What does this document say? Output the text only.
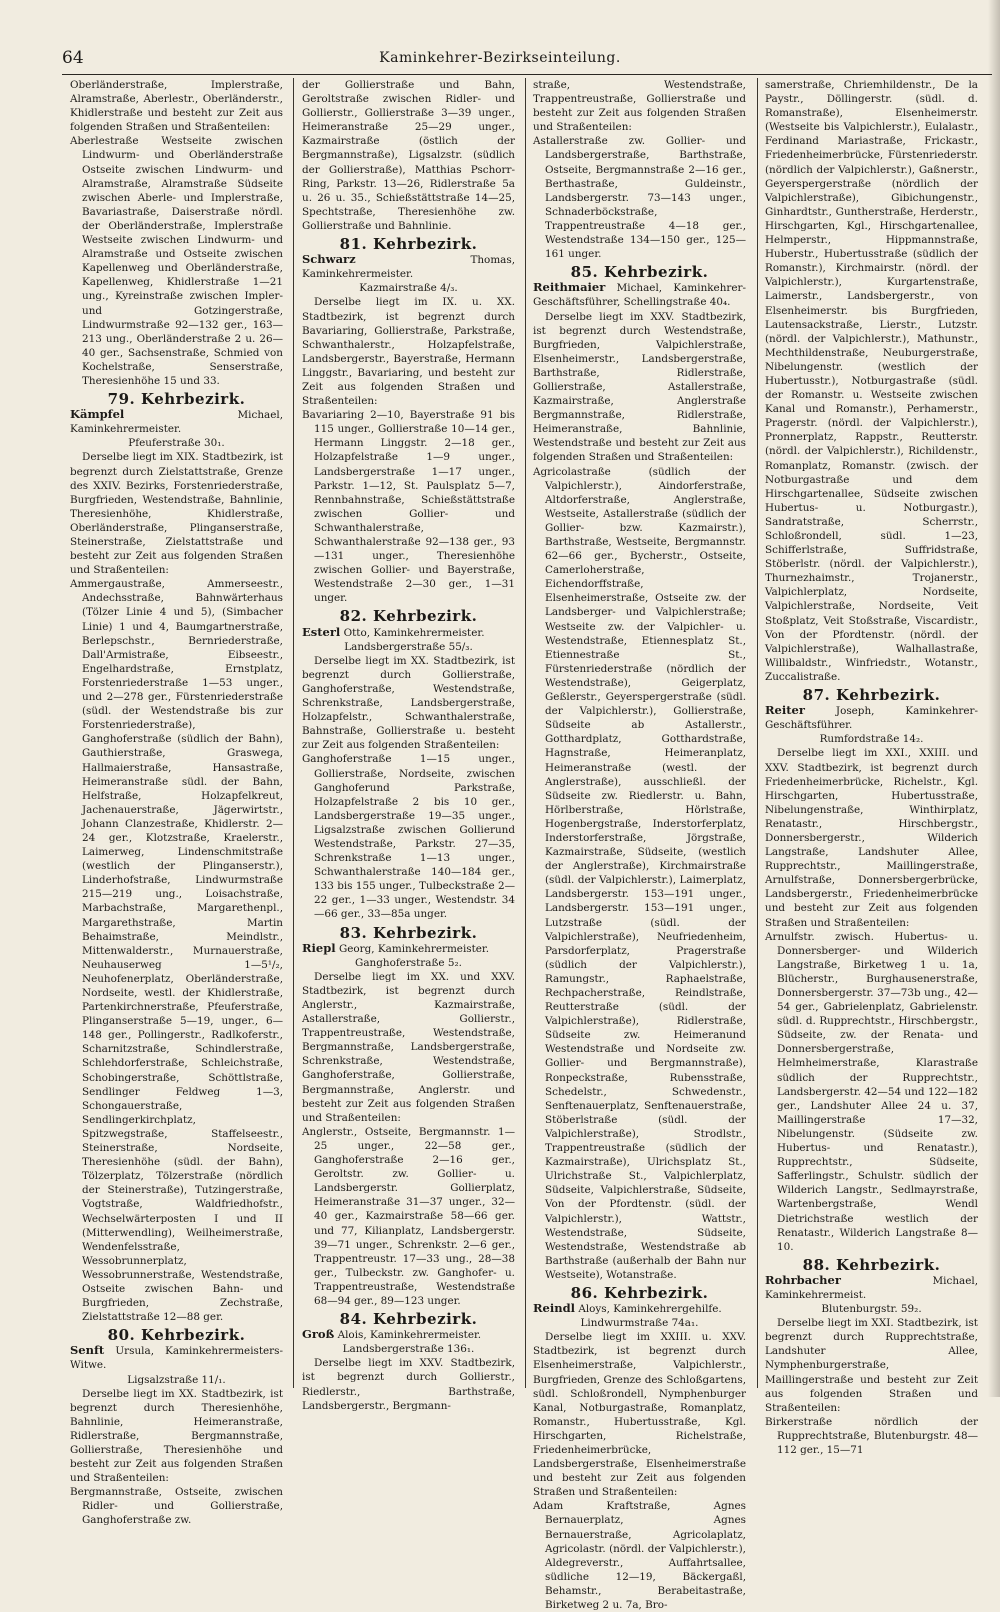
64	Kaminkehrer-Bezirkseinteilung.

Oberländerstraße, Implerstraße, Alramstraße, Aberlestr., Oberländerstr., Khidlerstraße und besteht zur Zeit aus folgenden Straßen und Straßenteilen:

Aberlestraße Westseite zwischen Lindwurm- und Oberländerstraße Ostseite zwischen Lindwurm- und Alramstraße, Alramstraße Südseite zwischen Aberle- und Implerstraße, Bavariastraße, Daiserstraße nördl. der Oberländerstraße, Implerstraße Westseite zwischen Lindwurm- und Alramstraße und Ostseite zwischen Kapellenweg und Oberländerstraße, Kapellenweg, Khidlerstraße 1—21 ung., Kyreinstraße zwischen Impler- und Gotzingerstraße, Lindwurmstraße 92—132 ger., 163—213 ung., Oberländerstraße 2 u. 26—40 ger., Sachsenstraße, Schmied von Kochelstraße, Senserstraße, Theresienhöhe 15 und 33.

79. Kehrbezirk.

Kämpfel	Michael, Kaminkehrermeister.

Pfeuferstraße 30₁.

Derselbe liegt im XIX. Stadtbezirk, ist begrenzt durch Zielstattstraße, Grenze des XXIV. Bezirks, Forstenriederstraße, Burgfrieden, Westendstraße, Bahnlinie, Theresienhöhe, Khidlerstraße, Oberländerstraße, Plinganserstraße, Steinerstraße, Zielstattstraße und besteht zur Zeit aus folgenden Straßen und Straßenteilen:

Ammergaustraße, Ammerseestr., Andechsstraße, Bahnwärterhaus (Tölzer Linie 4 und 5), (Simbacher Linie) 1 und 4, Baumgartnerstraße, Berlepschstr., Bernriederstraße, Dall'Armistraße, Eibseestr., Engelhardstraße, Ernstplatz, Forstenriederstraße 1—53 unger., und 2—278 ger., Fürstenriederstraße (südl. der Westendstraße bis zur Forstenriederstraße), Ganghoferstraße (südlich der Bahn), Gauthierstraße, Graswega, Hallmaierstraße, Hansastraße, Heimeranstraße südl. der Bahn, Helfstraße, Holzapfelkreut, Jachenauerstraße, Jägerwirtstr., Johann Clanzestraße, Khidlerstr. 2—24 ger., Klotzstraße, Kraelerstr., Laimerweg, Lindenschmitstraße (westlich der Plinganserstr.), Linderhofstraße, Lindwurmstraße 215—219 ung., Loisachstraße, Marbachstraße, Margarethenpl., Margarethstraße, Martin Behaimstraße, Meindlstr., Mittenwalderstr., Murnauerstraße, Neuhauserweg 1—5¹/₂, Neuhofenerplatz, Oberländerstraße, Nordseite, westl. der Khidlerstraße, Partenkirchnerstraße, Pfeuferstraße, Plinganserstraße 5—19, unger., 6—148 ger., Pollingerstr., Radlkoferstr., Scharnitzstraße, Schindlerstraße, Schlehdorferstraße, Schleichstraße, Schobingerstraße, Schöttlstraße, Sendlinger Feldweg 1—3, Schongauerstraße, Sendlingerkirchplatz, Spitzwegstraße, Staffelseestr., Steinerstraße, Nordseite, Theresienhöhe (südl. der Bahn), Tölzerplatz, Tölzerstraße (nördlich der Steinerstraße), Tutzingerstraße, Vogtstraße, Waldfriedhofstr., Wechselwärterposten I und II (Mitterwendling), Weilheimerstraße, Wendenfelsstraße, Wessobrunnerplatz, Wessobrunnerstraße, Westendstraße, Ostseite zwischen Bahn- und Burgfrieden, Zechstraße, Zielstattstraße 12—88 ger.

80. Kehrbezirk.

Senft Ursula, Kaminkehrermeisters-Witwe.

Ligsalzstraße 11/₁.

Derselbe liegt im XX. Stadtbezirk, ist begrenzt durch Theresienhöhe, Bahnlinie, Heimeranstraße, Ridlerstraße, Bergmannstraße, Gollierstraße, Theresienhöhe und besteht zur Zeit aus folgenden Straßen und Straßenteilen:

Bergmannstraße, Ostseite, zwischen Ridler- und Gollierstraße, Ganghoferstraße zw.

der Gollierstraße und Bahn, Geroltstraße zwischen Ridler- und Gollierstr., Gollierstraße 3—39 unger., Heimeranstraße 25—29 unger., Kazmairstraße (östlich der Bergmannstraße), Ligsalzstr. (südlich der Gollierstraße), Matthias Pschorr-Ring, Parkstr. 13—26, Ridlerstraße 5a u. 26 u. 35., Schießstättstraße 14—25, Spechtstraße, Theresienhöhe zw. Gollierstraße und Bahnlinie.

81. Kehrbezirk.

Schwarz	Thomas, Kaminkehrermeister.

Kazmairstraße 4/₃.

Derselbe liegt im IX. u. XX. Stadtbezirk, ist begrenzt durch Bavariaring, Gollierstraße, Parkstraße, Schwanthalerstr., Holzapfelstraße, Landsbergerstr., Bayerstraße, Hermann Linggstr., Bavariaring, und besteht zur Zeit aus folgenden Straßen und Straßenteilen:

Bavariaring 2—10, Bayerstraße 91 bis 115 unger., Gollierstraße 10—14 ger., Hermann Linggstr. 2—18 ger., Holzapfelstraße 1—9 unger., Landsbergerstraße 1—17 unger., Parkstr. 1—12, St. Paulsplatz 5—7, Rennbahnstraße, Schießstättstraße zwischen Gollier- und Schwanthalerstraße, Schwanthalerstraße 92—138 ger., 93—131 unger., Theresienhöhe zwischen Gollier- und Bayerstraße, Westendstraße 2—30 ger., 1—31 unger.

82. Kehrbezirk.

Esterl Otto, Kaminkehrermeister.

Landsbergerstraße 55/₃.

Derselbe liegt im XX. Stadtbezirk, ist begrenzt durch Gollierstraße, Ganghoferstraße, Westendstraße, Schrenkstraße, Landsbergerstraße, Holzapfelstr., Schwanthalerstraße, Bahnstraße, Gollierstraße u. besteht zur Zeit aus folgenden Straßenteilen:

Ganghoferstraße 1—15 unger., Gollierstraße, Nordseite, zwischen Ganghoferund Parkstraße, Holzapfelstraße 2 bis 10 ger., Landsbergerstraße 19—35 unger., Ligsalzstraße zwischen Gollierund Westendstraße, Parkstr. 27—35, Schrenkstraße 1—13 unger., Schwanthalerstraße 140—184 ger., 133 bis 155 unger., Tulbeckstraße 2—22 ger., 1—33 unger., Westendstr. 34—66 ger., 33—85a unger.

83. Kehrbezirk.

Riepl Georg, Kaminkehrermeister.

Ganghoferstraße 5₂.

Derselbe liegt im XX. und XXV. Stadtbezirk, ist begrenzt durch Anglerstr., Kazmairstraße, Astallerstraße, Gollierstr., Trappentreustraße, Westendstraße, Bergmannstraße, Landsbergerstraße, Schrenkstraße, Westendstraße, Ganghoferstraße, Gollierstraße, Bergmannstraße, Anglerstr. und besteht zur Zeit aus folgenden Straßen und Straßenteilen:

Anglerstr., Ostseite, Bergmannstr. 1—25 unger., 22—58 ger., Ganghoferstraße 2—16 ger., Geroltstr. zw. Gollier- u. Landsbergerstr. Gollierplatz, Heimeranstraße 31—37 unger., 32—40 ger., Kazmairstraße 58—66 ger. und 77, Kilianplatz, Landsbergerstr. 39—71 unger., Schrenkstr. 2—6 ger., Trappentreustr. 17—33 ung., 28—38 ger., Tulbeckstr. zw. Ganghofer- u. Trappentreustraße, Westendstraße 68—94 ger., 89—123 unger.

84. Kehrbezirk.

Groß Alois, Kaminkehrermeister.

Landsbergerstraße 136₁.

Derselbe liegt im XXV. Stadtbezirk, ist begrenzt durch Gollierstr., Riedlerstr., Barthstraße, Landsbergerstr., Bergmann-

straße, Westendstraße, Trappentreustraße, Gollierstraße und besteht zur Zeit aus folgenden Straßen und Straßenteilen:

Astallerstraße zw. Gollier- und Landsbergerstraße, Barthstraße, Ostseite, Bergmannstraße 2—16 ger., Berthastraße, Guldeinstr., Landsbergerstr. 73—143 unger., Schnaderböckstraße, Trappentreustraße 4—18 ger., Westendstraße 134—150 ger., 125—161 unger.

85. Kehrbezirk.

Reithmaier Michael, Kaminkehrer-Geschäftsführer, Schellingstraße 40₄.

Derselbe liegt im XXV. Stadtbezirk, ist begrenzt durch Westendstraße, Burgfrieden, Valpichlerstraße, Elsenheimerstr., Landsbergerstraße, Barthstraße, Ridlerstraße, Gollierstraße, Astallerstraße, Kazmairstraße, Anglerstraße Bergmannstraße, Ridlerstraße, Heimeranstraße, Bahnlinie, Westendstraße und besteht zur Zeit aus folgenden Straßen und Straßenteilen:

Agricolastraße (südlich der Valpichlerstr.), Aindorferstraße, Altdorferstraße, Anglerstraße, Westseite, Astallerstraße (südlich der Gollier- bzw. Kazmairstr.), Barthstraße, Westseite, Bergmannstr. 62—66 ger., Bycherstr., Ostseite, Camerloherstraße, Eichendorffstraße, Elsenheimerstraße, Ostseite zw. der Landsberger- und Valpichlerstraße; Westseite zw. der Valpichler- u. Westendstraße, Etiennesplatz St., Etiennestraße St., Fürstenriederstraße (nördlich der Westendstraße), Geigerplatz, Geßlerstr., Geyerspergerstraße (südl. der Valpichlerstr.), Gollierstraße, Südseite ab Astallerstr., Gotthardplatz, Gotthardstraße, Hagnstraße, Heimeranplatz, Heimeranstraße (westl. der Anglerstraße), ausschließl. der Südseite zw. Riedlerstr. u. Bahn, Hörlberstraße, Hörlstraße, Hogenbergstraße, Inderstorferplatz, Inderstorferstraße, Jörgstraße, Kazmairstraße, Südseite, (westlich der Anglerstraße), Kirchmairstraße (südl. der Valpichlerstr.), Laimerplatz, Landsbergerstr. 153—191 unger., Landsbergerstr. 153—191 unger., Lutzstraße (südl. der Valpichlerstraße), Neufriedenheim, Parsdorferplatz, Pragerstraße (südlich der Valpichlerstr.), Ramungstr., Raphaelstraße, Rechpacherstraße, Reindlstraße, Reutterstraße (südl. der Valpichlerstraße), Ridlerstraße, Südseite zw. Heimeranund Westendstraße und Nordseite zw. Gollier- und Bergmannstraße), Ronpeckstraße, Rubensstraße, Schedelstr., Schwedenstr., Senftenauerplatz, Senftenauerstraße, Stöberlstraße (südl. der Valpichlerstraße), Strodlstr., Trappentreustraße (südlich der Kazmairstraße), Ulrichsplatz St., Ulrichstraße St., Valpichlerplatz, Südseite, Valpichlerstraße, Südseite, Von der Pfordtenstr. (südl. der Valpichlerstr.), Wattstr., Westendstraße, Südseite, Westendstraße, Westendstraße ab Barthstraße (außerhalb der Bahn nur Westseite), Wotanstraße.

86. Kehrbezirk.

Reindl Aloys, Kaminkehrergehilfe.

Lindwurmstraße 74a₁.

Derselbe liegt im XXIII. u. XXV. Stadtbezirk, ist begrenzt durch Elsenheimerstraße, Valpichlerstr., Burgfrieden, Grenze des Schloßgartens, südl. Schloßrondell, Nymphenburger Kanal, Notburgastraße, Romanplatz, Romanstr., Hubertusstraße, Kgl. Hirschgarten, Richelstraße, Friedenheimerbrücke, Landsbergerstraße, Elsenheimerstraße und besteht zur Zeit aus folgenden Straßen und Straßenteilen:

Adam Kraftstraße, Agnes Bernauerplatz, Agnes Bernauerstraße, Agricolaplatz, Agricolastr. (nördl. der Valpichlerstr.), Aldegreverstr., Auffahrtsallee, südliche 12—19, Bäckergaßl, Behamstr., Berabeitastraße, Birketweg 2 u. 7a, Bro-

samerstraße, Chriemhildenstr., De la Paystr., Döllingerstr. (südl. d. Romanstraße), Elsenheimerstr. (Westseite bis Valpichlerstr.), Eulalastr., Ferdinand Mariastraße, Frickastr., Friedenheimerbrücke, Fürstenriederstr. (nördlich der Valpichlerstr.), Gaßnerstr., Geyerspergerstraße (nördlich der Valpichlerstraße), Gibichungenstr., Ginhardtstr., Guntherstraße, Herderstr., Hirschgarten, Kgl., Hirschgartenallee, Helmperstr., Hippmannstraße, Huberstr., Hubertusstraße (südlich der Romanstr.), Kirchmairstr. (nördl. der Valpichlerstr.), Kurgartenstraße, Laimerstr., Landsbergerstr., von Elsenheimerstr. bis Burgfrieden, Lautensackstraße, Lierstr., Lutzstr. (nördl. der Valpichlerstr.), Mathunstr., Mechthildenstraße, Neuburgerstraße, Nibelungenstr. (westlich der Hubertusstr.), Notburgastraße (südl. der Romanstr. u. Westseite zwischen Kanal und Romanstr.), Perhamerstr., Pragerstr. (nördl. der Valpichlerstr.), Pronnerplatz, Rappstr., Reutterstr. (nördl. der Valpichlerstr.), Richildenstr., Romanplatz, Romanstr. (zwisch. der Notburgastraße und dem Hirschgartenallee, Südseite zwischen Hubertus- u. Notburgastr.), Sandratstraße, Scherrstr., Schloßrondell, südl. 1—23, Schifferlstraße, Suffridstraße, Stöberlstr. (nördl. der Valpichlerstr.), Thurnezhaimstr., Trojanerstr., Valpichlerplatz, Nordseite, Valpichlerstraße, Nordseite, Veit Stoßplatz, Veit Stoßstraße, Viscardistr., Von der Pfordtenstr. (nördl. der Valpichlerstraße), Walhallastraße, Willibaldstr., Winfriedstr., Wotanstr., Zuccalistraße.

87. Kehrbezirk.

Reiter	Joseph, Kaminkehrer-Geschäftsführer.

Rumfordstraße 14₂.

Derselbe liegt im XXI., XXIII. und XXV. Stadtbezirk, ist begrenzt durch Friedenheimerbrücke, Richelstr., Kgl. Hirschgarten, Hubertusstraße, Nibelungenstraße, Winthirplatz, Renatastr., Hirschbergstr., Donnersbergerstr., Wilderich Langstraße, Landshuter Allee, Rupprechtstr., Maillingerstraße, Arnulfstraße, Donnersbergerbrücke, Landsbergerstr., Friedenheimerbrücke und besteht zur Zeit aus folgenden Straßen und Straßenteilen:

Arnulfstr. zwisch. Hubertus- u. Donnersberger- und Wilderich Langstraße, Birketweg 1 u. 1a, Blücherstr., Burghausenerstraße, Donnersbergerstr. 37—73b ung., 42—54 ger., Gabrielenplatz, Gabrielenstr. südl. d. Rupprechtstr., Hirschbergstr., Südseite, zw. der Renata- und Donnersbergerstraße, Helmheimerstraße, Klarastraße südlich der Rupprechtstr., Landsbergerstr. 42—54 und 122—182 ger., Landshuter Allee 24 u. 37, Maillingerstraße 17—32, Nibelungenstr. (Südseite zw. Hubertus- und Renatastr.), Rupprechtstr., Südseite, Safferlingstr., Schulstr. südlich der Wilderich Langstr., Sedlmayrstraße, Wartenbergstraße, Wendl Dietrichstraße westlich der Renatastr., Wilderich Langstraße 8—10.

88. Kehrbezirk.

Rohrbacher	Michael, Kaminkehrermeist.

Blutenburgstr. 59₂.

Derselbe liegt im XXI. Stadtbezirk, ist begrenzt durch Rupprechtstraße, Landshuter Allee, Nymphenburgerstraße, Maillingerstraße und besteht zur Zeit aus folgenden Straßen und Straßenteilen:

Birkerstraße nördlich der Rupprechtstraße, Blutenburgstr. 48—112 ger., 15—71
